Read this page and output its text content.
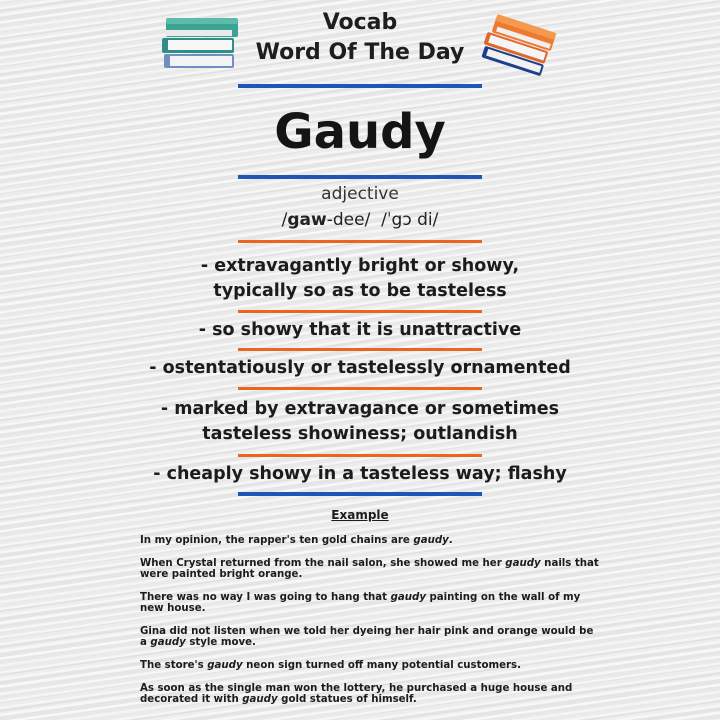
Vocab
Word Of The Day
Gaudy
adjective
/gaw-dee/ /ˈgɔ di/
- extravagantly bright or showy,
typically so as to be tasteless
- so showy that it is unattractive
- ostentatiously or tastelessly ornamented
- marked by extravagance or sometimes
tasteless showiness; outlandish
- cheaply showy in a tasteless way; flashy
Example
In my opinion, the rapper's ten gold chains are gaudy.
When Crystal returned from the nail salon, she showed me her gaudy nails that were painted bright orange.
There was no way I was going to hang that gaudy painting on the wall of my new house.
Gina did not listen when we told her dyeing her hair pink and orange would be a gaudy style move.
The store's gaudy neon sign turned off many potential customers.
As soon as the single man won the lottery, he purchased a huge house and decorated it with gaudy gold statues of himself.
